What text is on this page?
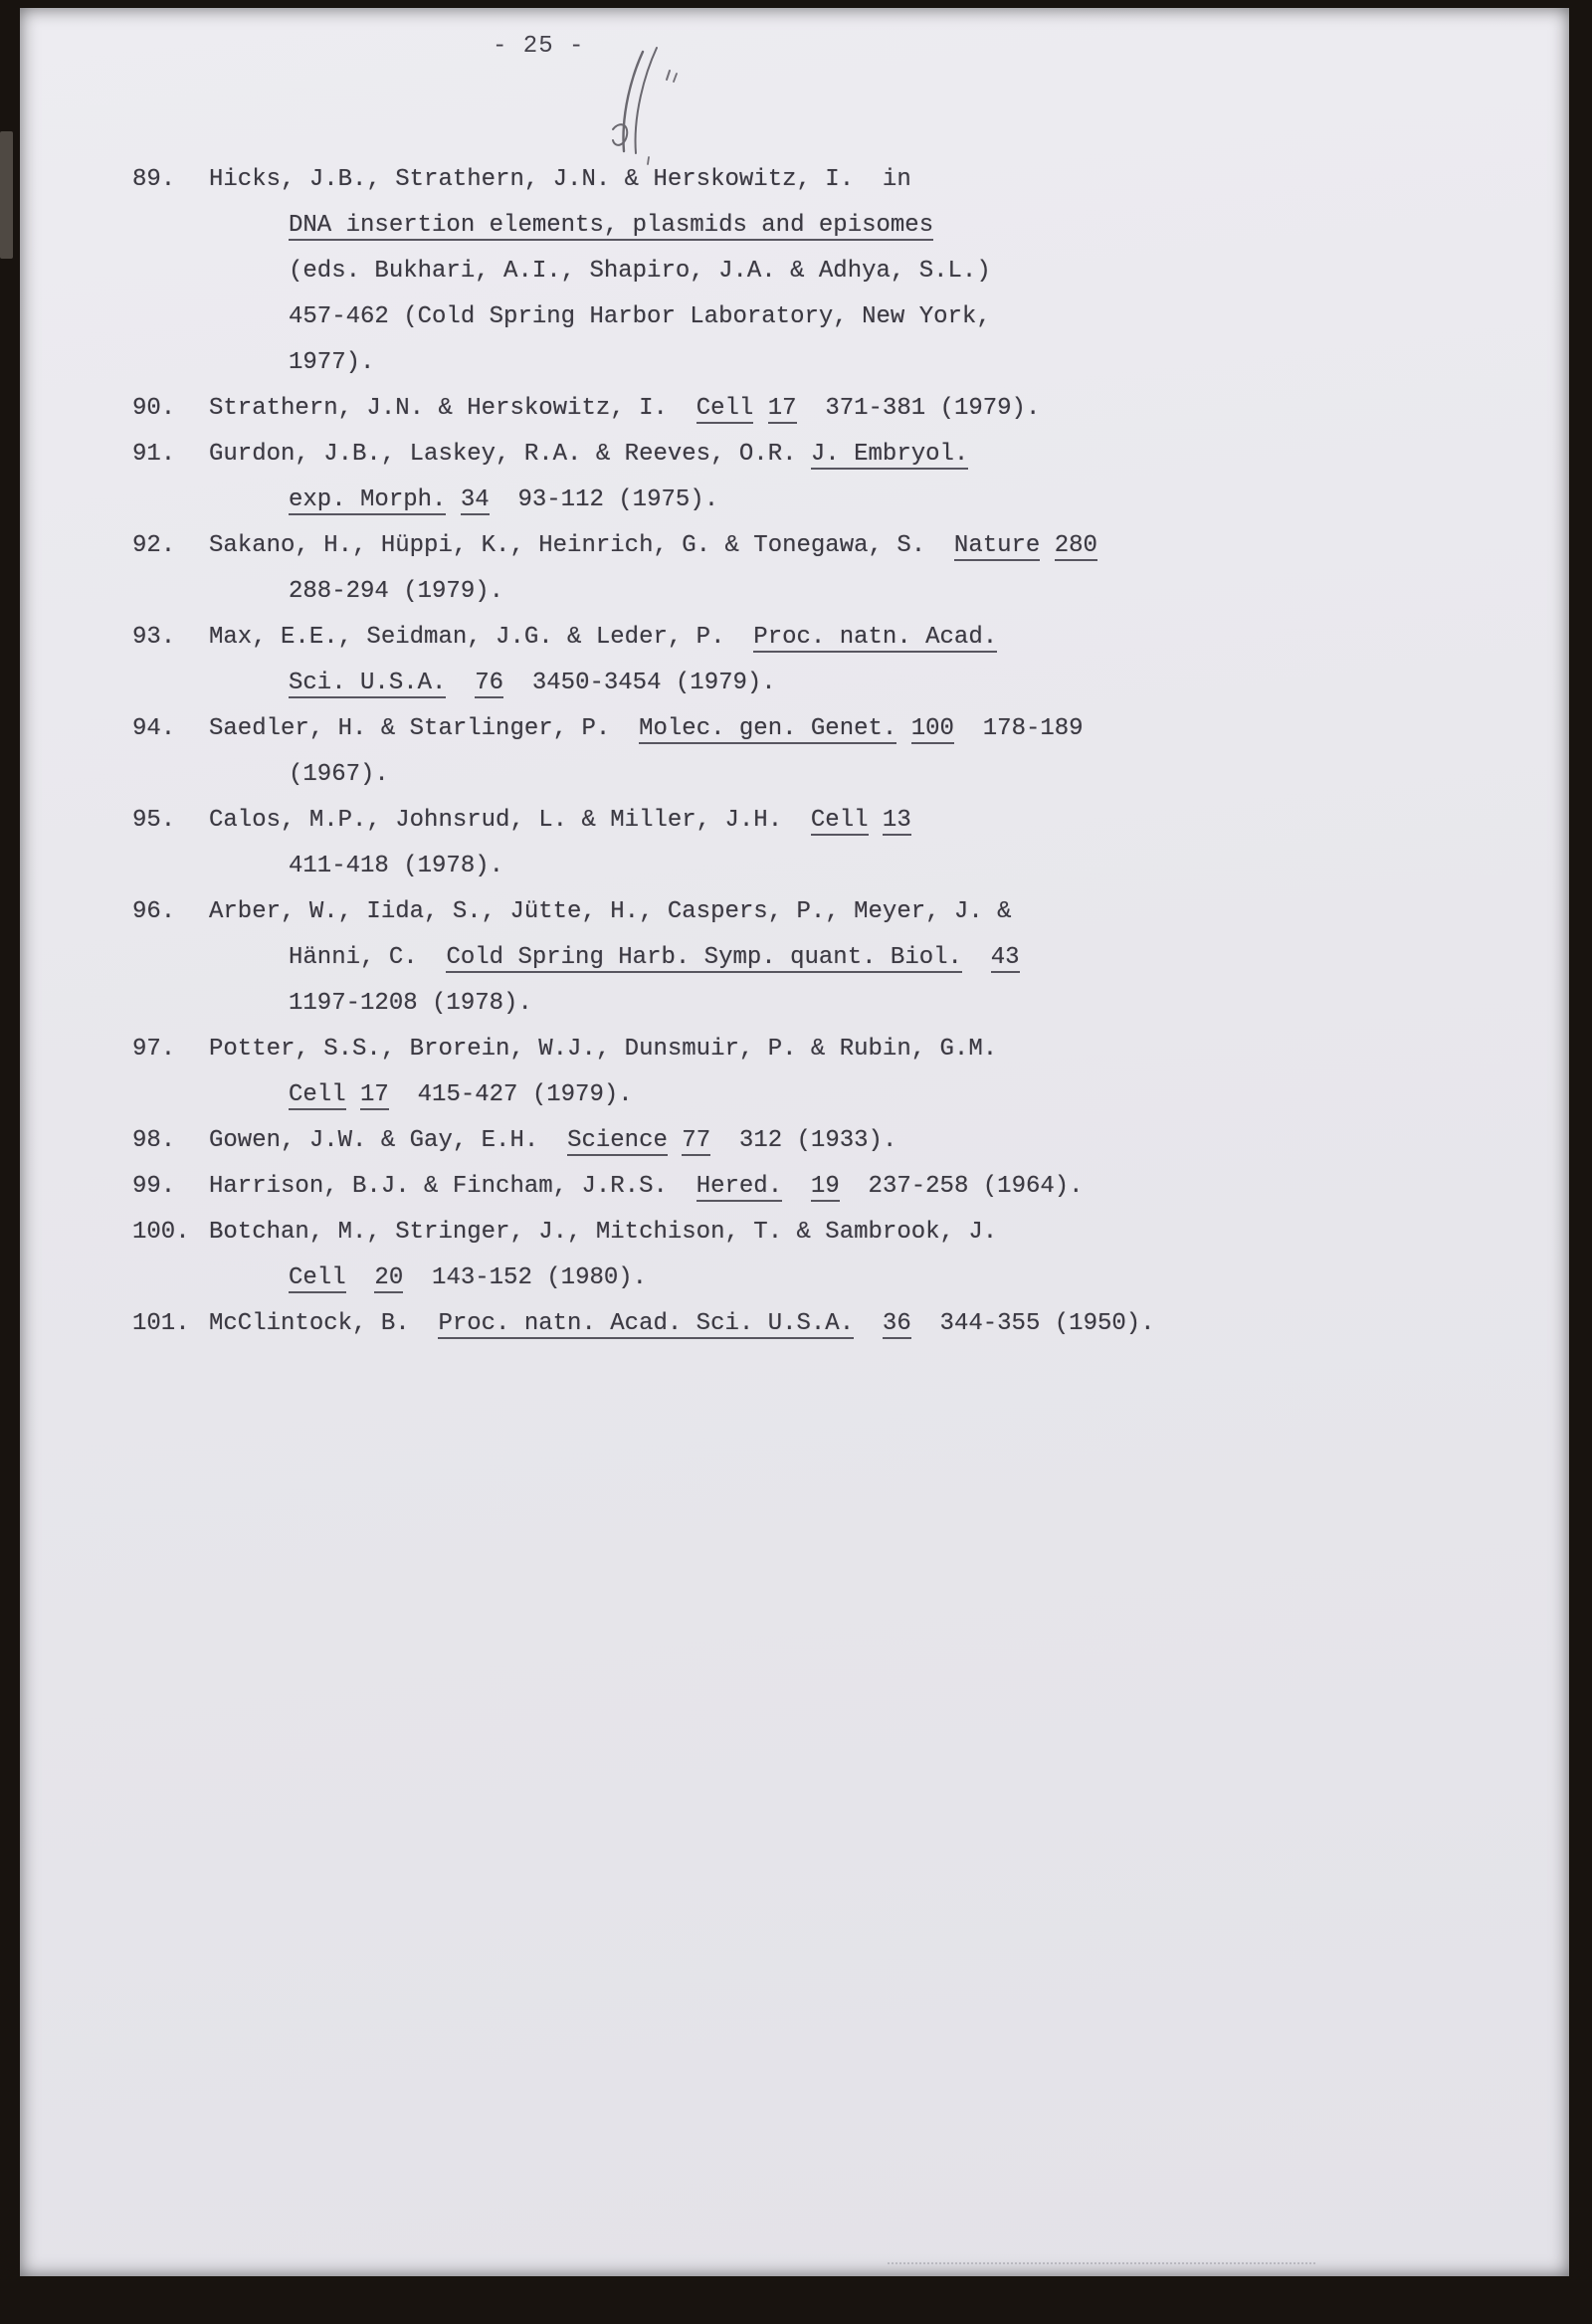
- 25 -
89.	Hicks, J.B., Strathern, J.N. & Herskowitz, I.  in
DNA insertion elements, plasmids and episomes
(eds. Bukhari, A.I., Shapiro, J.A. & Adhya, S.L.)
457-462 (Cold Spring Harbor Laboratory, New York,
1977).
90.	Strathern, J.N. & Herskowitz, I.  Cell 17  371-381 (1979).
91.	Gurdon, J.B., Laskey, R.A. & Reeves, O.R. J. Embryol.
exp. Morph. 34  93-112 (1975).
92.	Sakano, H., Hüppi, K., Heinrich, G. & Tonegawa, S.  Nature 280
288-294 (1979).
93.	Max, E.E., Seidman, J.G. & Leder, P.  Proc. natn. Acad.
Sci. U.S.A. 76  3450-3454 (1979).
94.	Saedler, H. & Starlinger, P.  Molec. gen. Genet. 100  178-189
(1967).
95.	Calos, M.P., Johnsrud, L. & Miller, J.H.  Cell 13
411-418 (1978).
96.	Arber, W., Iida, S., Jütte, H., Caspers, P., Meyer, J. &
Hänni, C.  Cold Spring Harb. Symp. quant. Biol. 43
1197-1208 (1978).
97.	Potter, S.S., Brorein, W.J., Dunsmuir, P. & Rubin, G.M.
Cell 17  415-427 (1979).
98.	Gowen, J.W. & Gay, E.H.  Science 77  312 (1933).
99.	Harrison, B.J. & Fincham, J.R.S.  Hered. 19  237-258 (1964).
100. Botchan, M., Stringer, J., Mitchison, T. & Sambrook, J.
Cell 20  143-152 (1980).
101. McClintock, B.  Proc. natn. Acad. Sci. U.S.A. 36  344-355 (1950).
